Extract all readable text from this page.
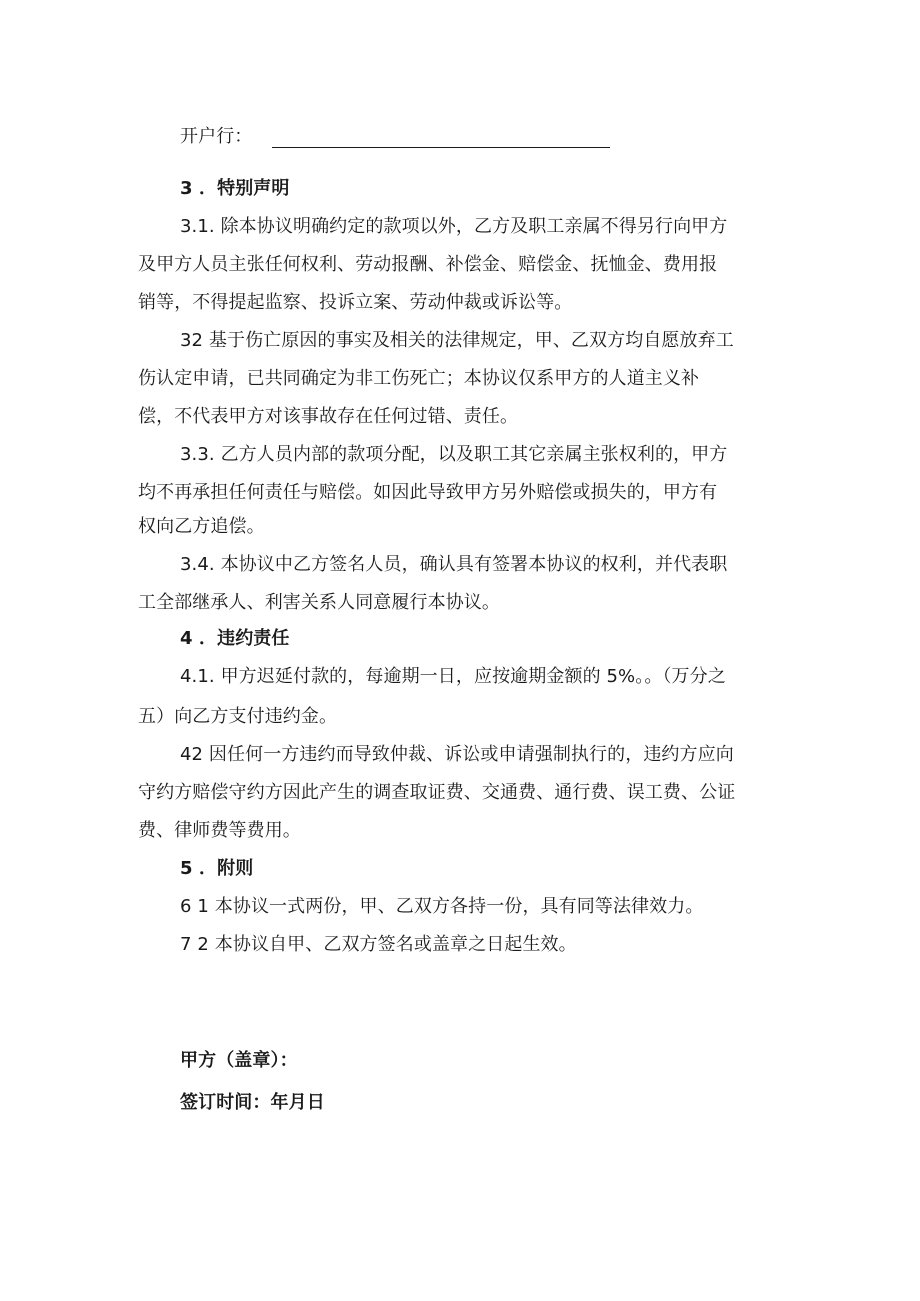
开户行：
3 ．特别声明
3.1. 除本协议明确约定的款项以外，乙方及职工亲属不得另行向甲方
及甲方人员主张任何权利、劳动报酬、补偿金、赔偿金、抚恤金、费用报
销等，不得提起监察、投诉立案、劳动仲裁或诉讼等。
32 基于伤亡原因的事实及相关的法律规定，甲、乙双方均自愿放弃工
伤认定申请，已共同确定为非工伤死亡；本协议仅系甲方的人道主义补
偿，不代表甲方对该事故存在任何过错、责任。
3.3. 乙方人员内部的款项分配，以及职工其它亲属主张权利的，甲方
均不再承担任何责任与赔偿。如因此导致甲方另外赔偿或损失的，甲方有
权向乙方追偿。
3.4. 本协议中乙方签名人员，确认具有签署本协议的权利，并代表职
工全部继承人、利害关系人同意履行本协议。
4 ．违约责任
4.1. 甲方迟延付款的，每逾期一日，应按逾期金额的 5%。。（万分之
五）向乙方支付违约金。
42 因任何一方违约而导致仲裁、诉讼或申请强制执行的，违约方应向
守约方赔偿守约方因此产生的调查取证费、交通费、通行费、误工费、公证
费、律师费等费用。
5 ．附则
6 1 本协议一式两份，甲、乙双方各持一份，具有同等法律效力。
7 2 本协议自甲、乙双方签名或盖章之日起生效。
甲方（盖章）：
签订时间：年月日
